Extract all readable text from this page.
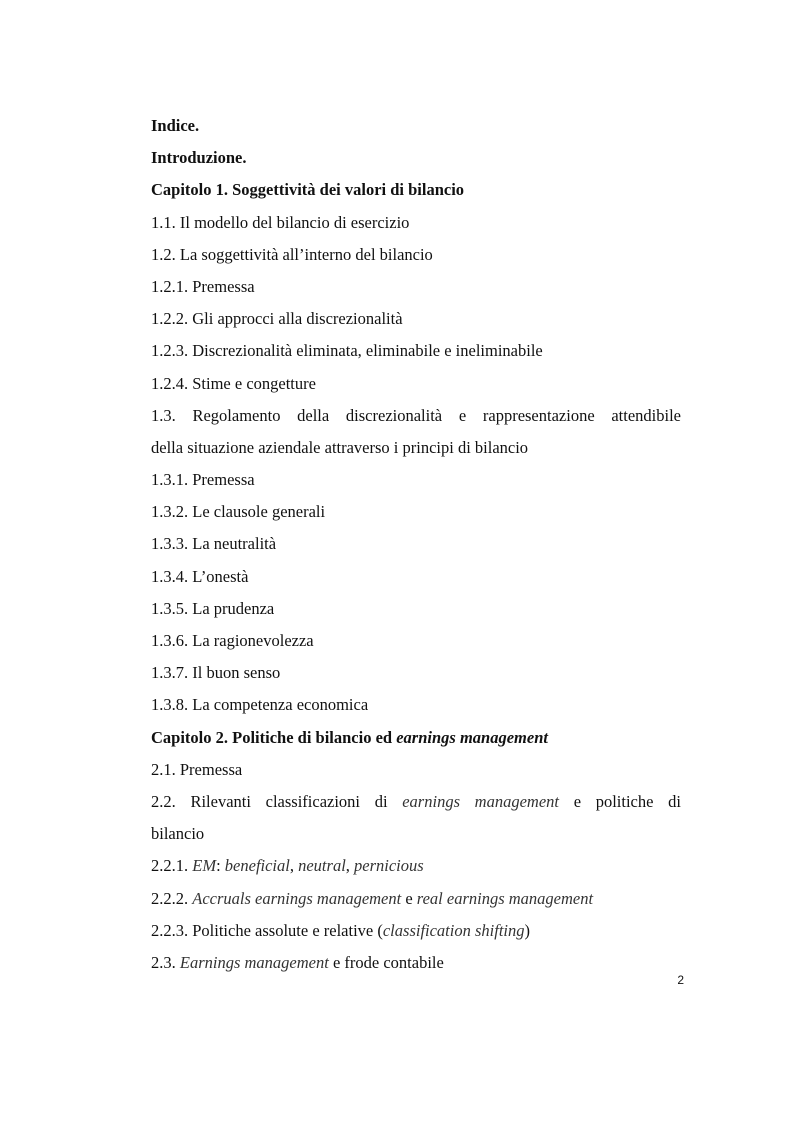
Indice.
Introduzione.
Capitolo 1. Soggettività dei valori di bilancio
1.1. Il modello del bilancio di esercizio
1.2. La soggettività all’interno del bilancio
1.2.1. Premessa
1.2.2. Gli approcci alla discrezionalità
1.2.3. Discrezionalità eliminata, eliminabile e ineliminabile
1.2.4. Stime e congetture
1.3. Regolamento della discrezionalità e rappresentazione attendibile
della situazione aziendale attraverso i principi di bilancio
1.3.1. Premessa
1.3.2. Le clausole generali
1.3.3. La neutralità
1.3.4. L’onestà
1.3.5. La prudenza
1.3.6. La ragionevolezza
1.3.7. Il buon senso
1.3.8. La competenza economica
Capitolo 2. Politiche di bilancio ed earnings management
2.1. Premessa
2.2. Rilevanti classificazioni di earnings management e politiche di
bilancio
2.2.1. EM: beneficial, neutral, pernicious
2.2.2. Accruals earnings management e real earnings management
2.2.3. Politiche assolute e relative (classification shifting)
2.3. Earnings management e frode contabile
2
